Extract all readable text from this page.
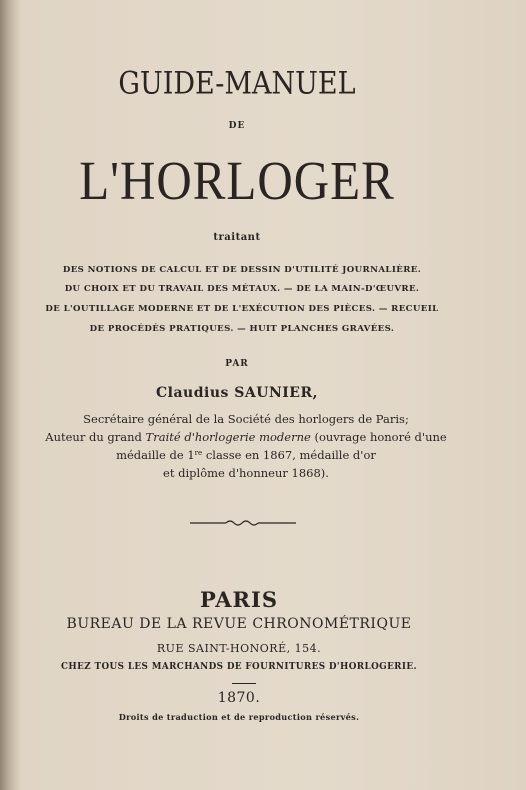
GUIDE-MANUEL
DE
L'HORLOGER
traitant
DES NOTIONS DE CALCUL ET DE DESSIN D'UTILITÉ JOURNALIÈRE.
DU CHOIX ET DU TRAVAIL DES MÉTAUX. — DE LA MAIN-D'ŒUVRE.
DE L'OUTILLAGE MODERNE ET DE L'EXÉCUTION DES PIÈCES. — RECUEIL
DE PROCÉDÉS PRATIQUES. — HUIT PLANCHES GRAVÉES.
PAR
Claudius SAUNIER,
Secrétaire général de la Société des horlogers de Paris;
Auteur du grand Traité d'horlogerie moderne (ouvrage honoré d'une
médaille de 1re classe en 1867, médaille d'or
et diplôme d'honneur 1868).
PARIS
BUREAU DE LA REVUE CHRONOMÉTRIQUE
RUE SAINT-HONORÉ, 154.
CHEZ TOUS LES MARCHANDS DE FOURNITURES D'HORLOGERIE.
1870.
Droits de traduction et de reproduction réservés.
